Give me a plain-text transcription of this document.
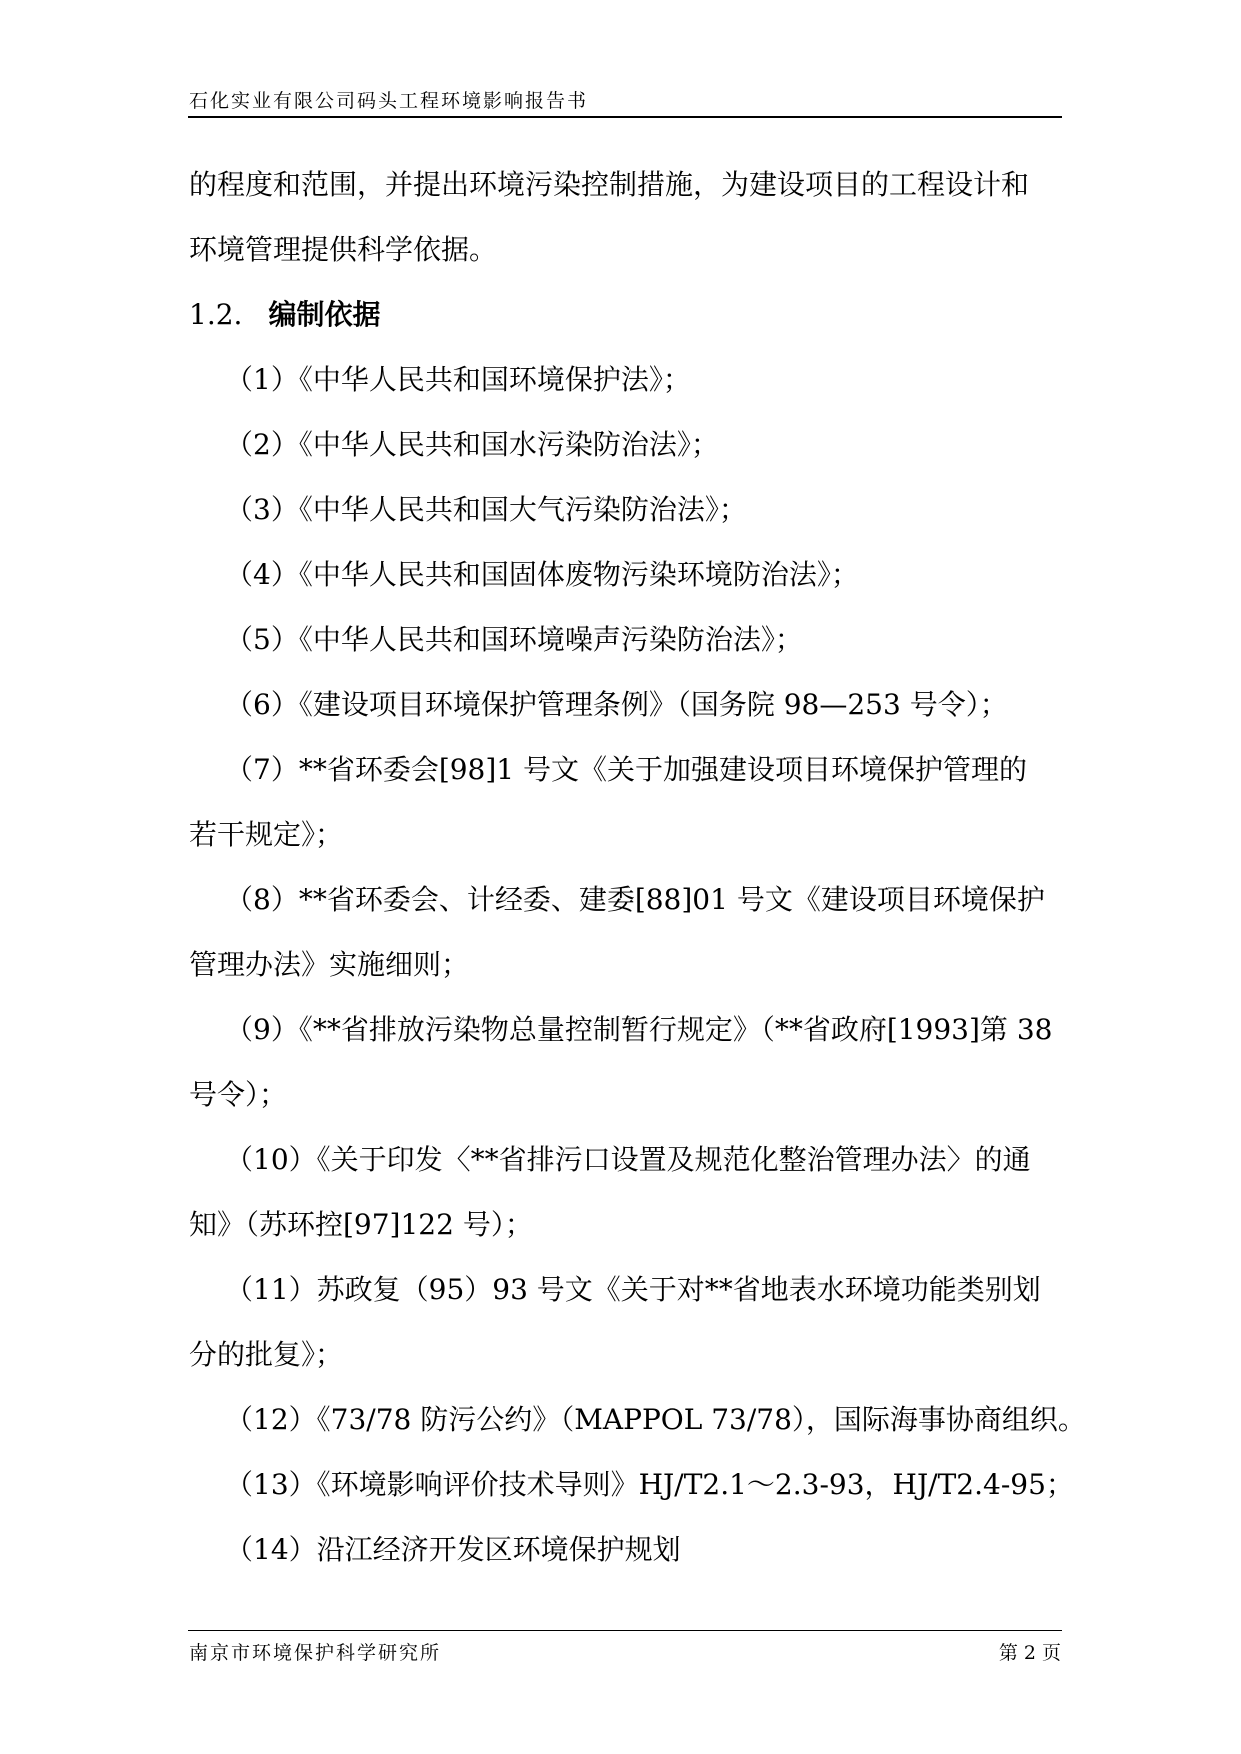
石化实业有限公司码头工程环境影响报告书
的程度和范围，并提出环境污染控制措施，为建设项目的工程设计和
环境管理提供科学依据。
1.2. 编制依据
（1）《中华人民共和国环境保护法》；
（2）《中华人民共和国水污染防治法》；
（3）《中华人民共和国大气污染防治法》；
（4）《中华人民共和国固体废物污染环境防治法》；
（5）《中华人民共和国环境噪声污染防治法》；
（6）《建设项目环境保护管理条例》（国务院 98—253 号令）；
（7）**省环委会[98]1 号文《关于加强建设项目环境保护管理的
若干规定》；
（8）**省环委会、计经委、建委[88]01 号文《建设项目环境保护
管理办法》实施细则；
（9）《**省排放污染物总量控制暂行规定》（**省政府[1993]第 38
号令）；
（10）《关于印发〈**省排污口设置及规范化整治管理办法〉的通
知》（苏环控[97]122 号）；
（11）苏政复（95）93 号文《关于对**省地表水环境功能类别划
分的批复》；
（12）《73/78 防污公约》（MAPPOL 73/78），国际海事协商组织。
（13）《环境影响评价技术导则》HJ/T2.1～2.3-93，HJ/T2.4-95；
（14）沿江经济开发区环境保护规划
南京市环境保护科学研究所	第 2 页
